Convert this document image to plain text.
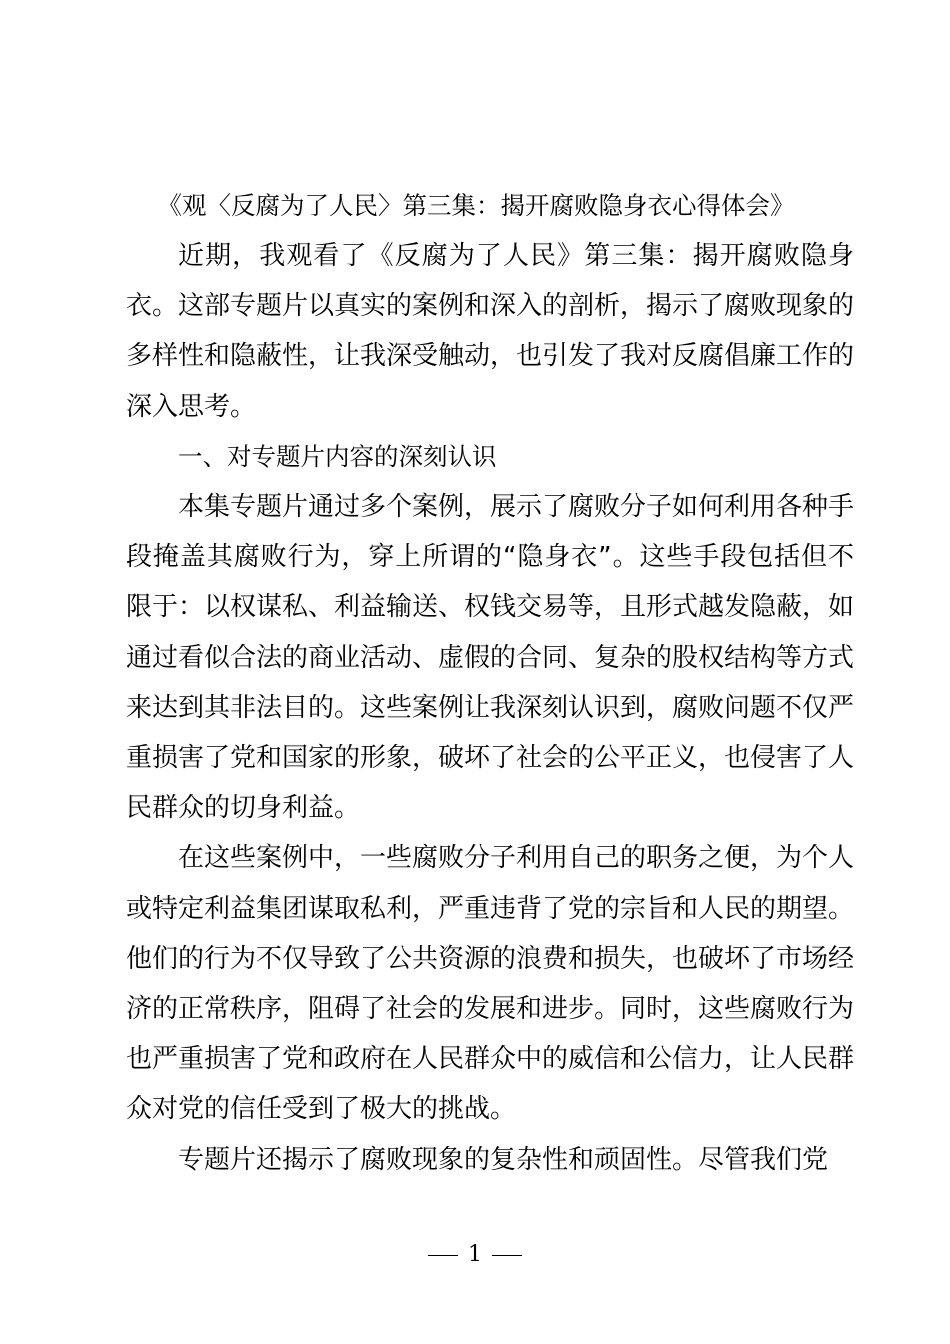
《观〈反腐为了人民〉第三集：揭开腐败隐身衣心得体会》

近期，我观看了《反腐为了人民》第三集：揭开腐败隐身衣。这部专题片以真实的案例和深入的剖析，揭示了腐败现象的多样性和隐蔽性，让我深受触动，也引发了我对反腐倡廉工作的深入思考。

一、对专题片内容的深刻认识

本集专题片通过多个案例，展示了腐败分子如何利用各种手段掩盖其腐败行为，穿上所谓的“隐身衣”。这些手段包括但不限于：以权谋私、利益输送、权钱交易等，且形式越发隐蔽，如通过看似合法的商业活动、虚假的合同、复杂的股权结构等方式来达到其非法目的。这些案例让我深刻认识到，腐败问题不仅严重损害了党和国家的形象，破坏了社会的公平正义，也侵害了人民群众的切身利益。

在这些案例中，一些腐败分子利用自己的职务之便，为个人或特定利益集团谋取私利，严重违背了党的宗旨和人民的期望。他们的行为不仅导致了公共资源的浪费和损失，也破坏了市场经济的正常秩序，阻碍了社会的发展和进步。同时，这些腐败行为也严重损害了党和政府在人民群众中的威信和公信力，让人民群众对党的信任受到了极大的挑战。

专题片还揭示了腐败现象的复杂性和顽固性。尽管我们党

1
